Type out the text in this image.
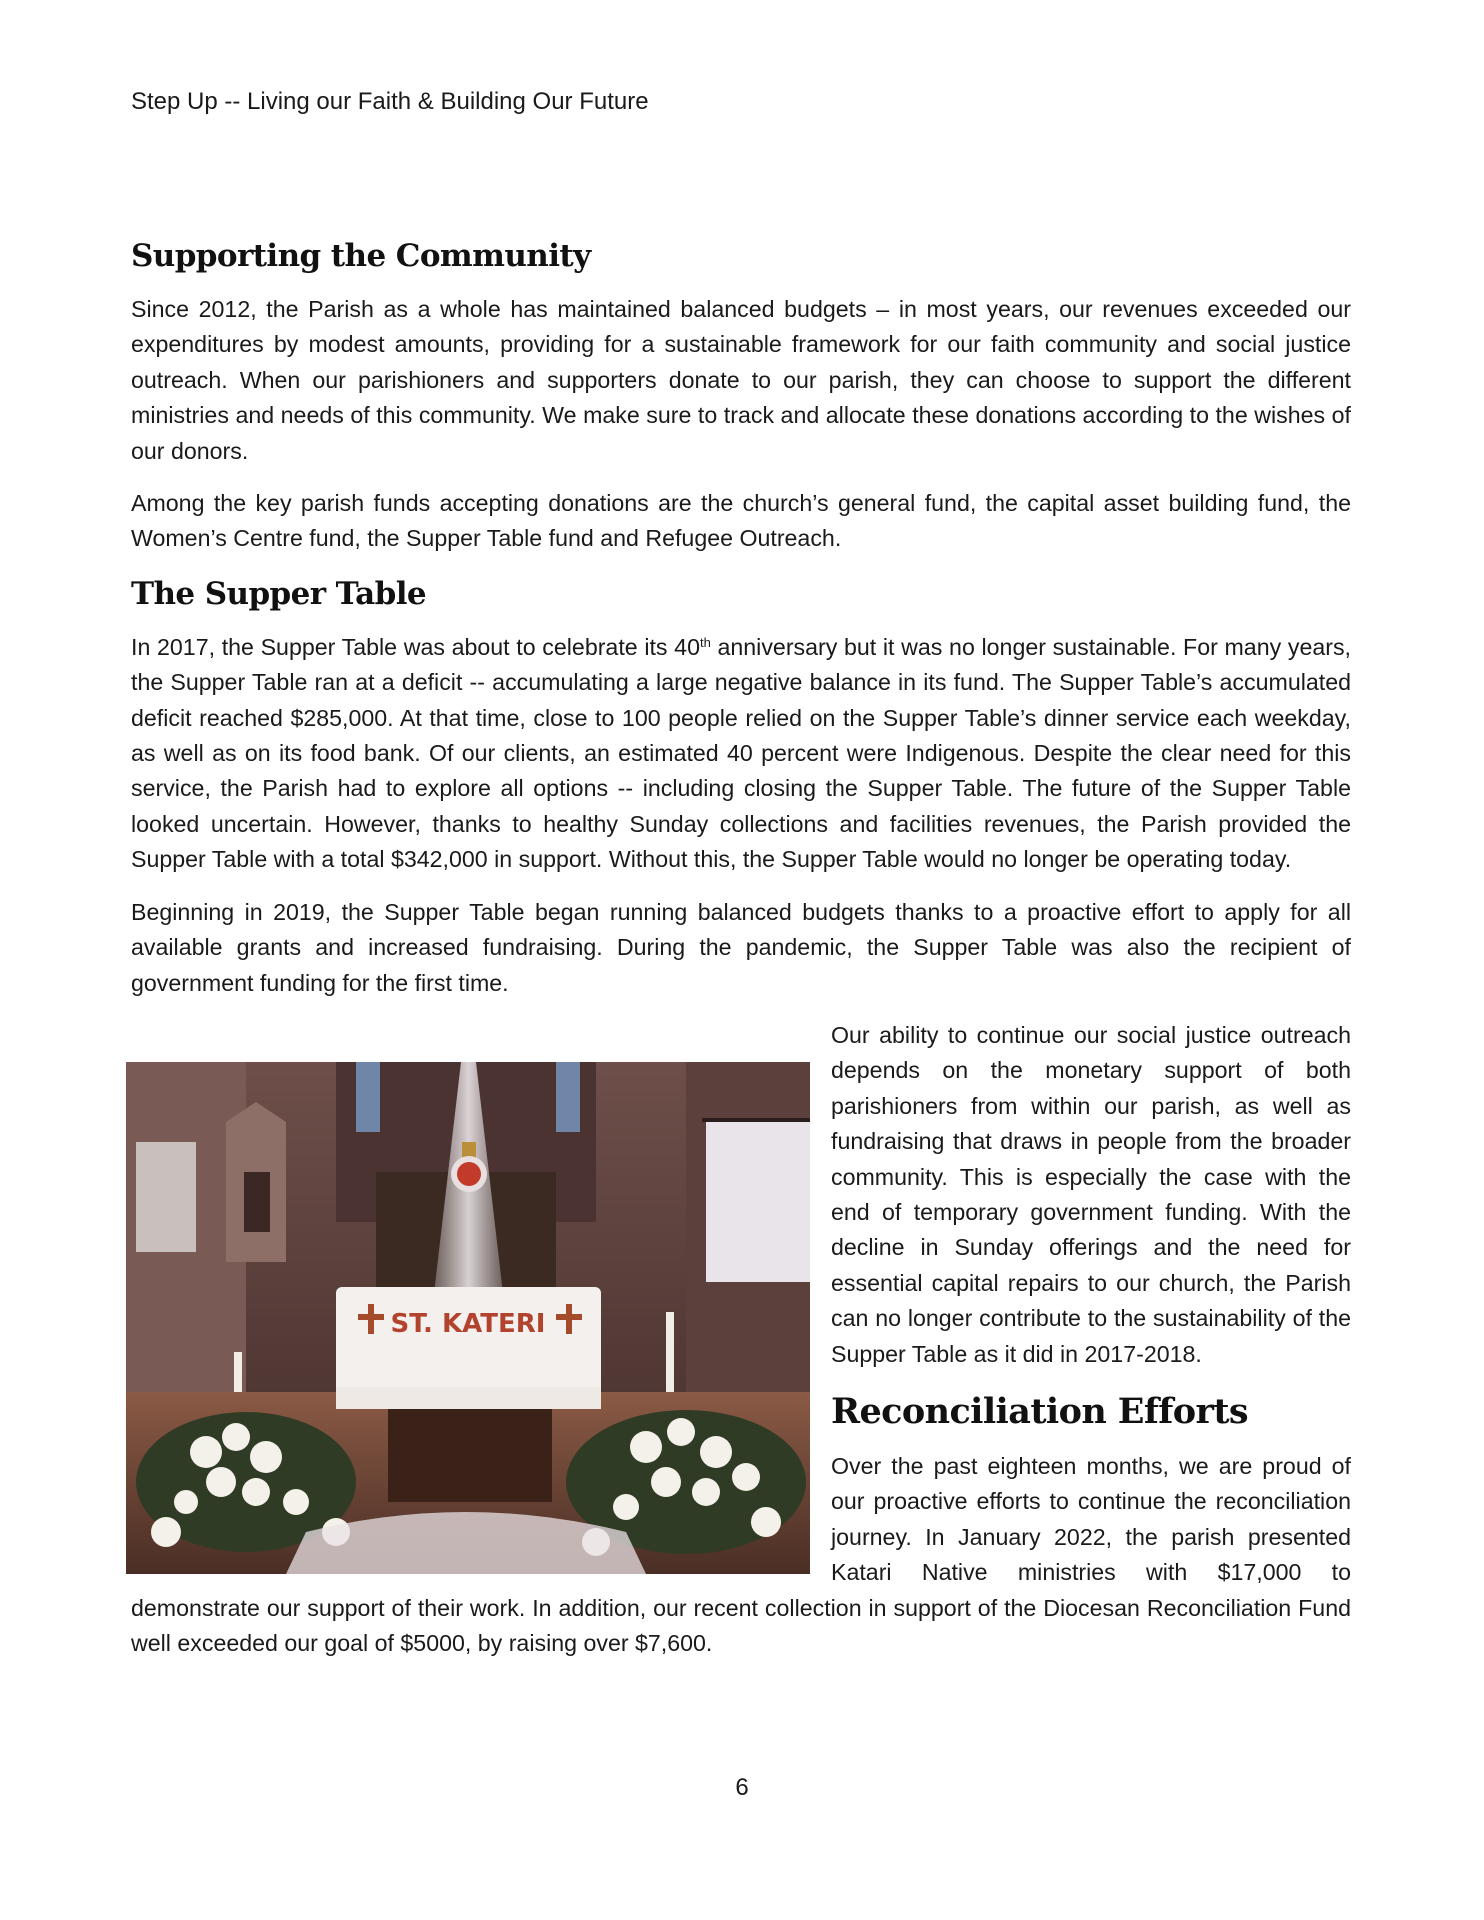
Step Up -- Living our Faith & Building Our Future
Supporting the Community

Since 2012, the Parish as a whole has maintained balanced budgets – in most years, our revenues exceeded our expenditures by modest amounts, providing for a sustainable framework for our faith community and social justice outreach. When our parishioners and supporters donate to our parish, they can choose to support the different ministries and needs of this community. We make sure to track and allocate these donations according to the wishes of our donors.

Among the key parish funds accepting donations are the church’s general fund, the capital asset building fund, the Women’s Centre fund, the Supper Table fund and Refugee Outreach.

The Supper Table

In 2017, the Supper Table was about to celebrate its 40th anniversary but it was no longer sustainable. For many years, the Supper Table ran at a deficit -- accumulating a large negative balance in its fund. The Supper Table’s accumulated deficit reached $285,000. At that time, close to 100 people relied on the Supper Table’s dinner service each weekday, as well as on its food bank. Of our clients, an estimated 40 percent were Indigenous. Despite the clear need for this service, the Parish had to explore all options -- including closing the Supper Table. The future of the Supper Table looked uncertain. However, thanks to healthy Sunday collections and facilities revenues, the Parish provided the Supper Table with a total $342,000 in support. Without this, the Supper Table would no longer be operating today.

Beginning in 2019, the Supper Table began running balanced budgets thanks to a proactive effort to apply for all available grants and increased fundraising. During the pandemic, the Supper Table was also the recipient of government funding for the first time.

ST. KATERI

Our ability to continue our social justice outreach depends on the monetary support of both parishioners from within our parish, as well as fundraising that draws in people from the broader community. This is especially the case with the end of temporary government funding. With the decline in Sunday offerings and the need for essential capital repairs to our church, the Parish can no longer contribute to the sustainability of the Supper Table as it did in 2017-2018.

Reconciliation Efforts

Over the past eighteen months, we are proud of our proactive efforts to continue the reconciliation journey. In January 2022, the parish presented Katari Native ministries with $17,000 to demonstrate our support of their work. In addition, our recent collection in support of the Diocesan Reconciliation Fund well exceeded our goal of $5000, by raising over $7,600.

6
